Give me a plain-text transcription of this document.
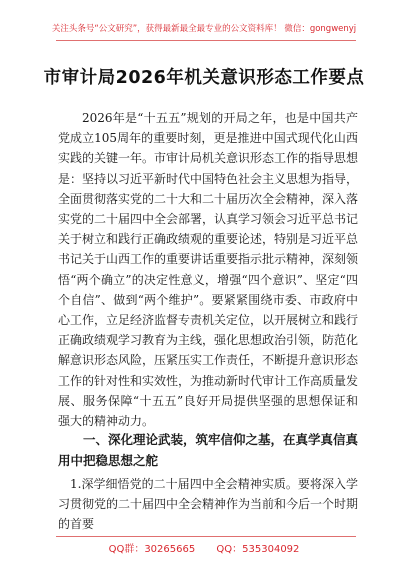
关注头条号“公文研究”，获得最新最全最专业的公文资料库！ 微信：gongwenyj
市审计局2026年机关意识形态工作要点

2026年是“十五五”规划的开局之年，也是中国共产党成立105周年的重要时刻，更是推进中国式现代化山西实践的关键一年。市审计局机关意识形态工作的指导思想是：坚持以习近平新时代中国特色社会主义思想为指导，全面贯彻落实党的二十大和二十届历次全会精神，深入落实党的二十届四中全会部署，认真学习领会习近平总书记关于树立和践行正确政绩观的重要论述，特别是习近平总书记关于山西工作的重要讲话重要指示批示精神，深刻领悟“两个确立”的决定性意义，增强“四个意识”、坚定“四个自信”、做到“两个维护”。要紧紧围绕市委、市政府中心工作，立足经济监督专责机关定位，以开展树立和践行正确政绩观学习教育为主线，强化思想政治引领，防范化解意识形态风险，压紧压实工作责任，不断提升意识形态工作的针对性和实效性，为推动新时代审计工作高质量发展、服务保障“十五五”良好开局提供坚强的思想保证和强大的精神动力。

一、深化理论武装，筑牢信仰之基，在真学真信真用中把稳思想之舵

1.深学细悟党的二十届四中全会精神实质。要将深入学习贯彻党的二十届四中全会精神作为当前和今后一个时期的首要

QQ群：30265665 QQ：535304092
